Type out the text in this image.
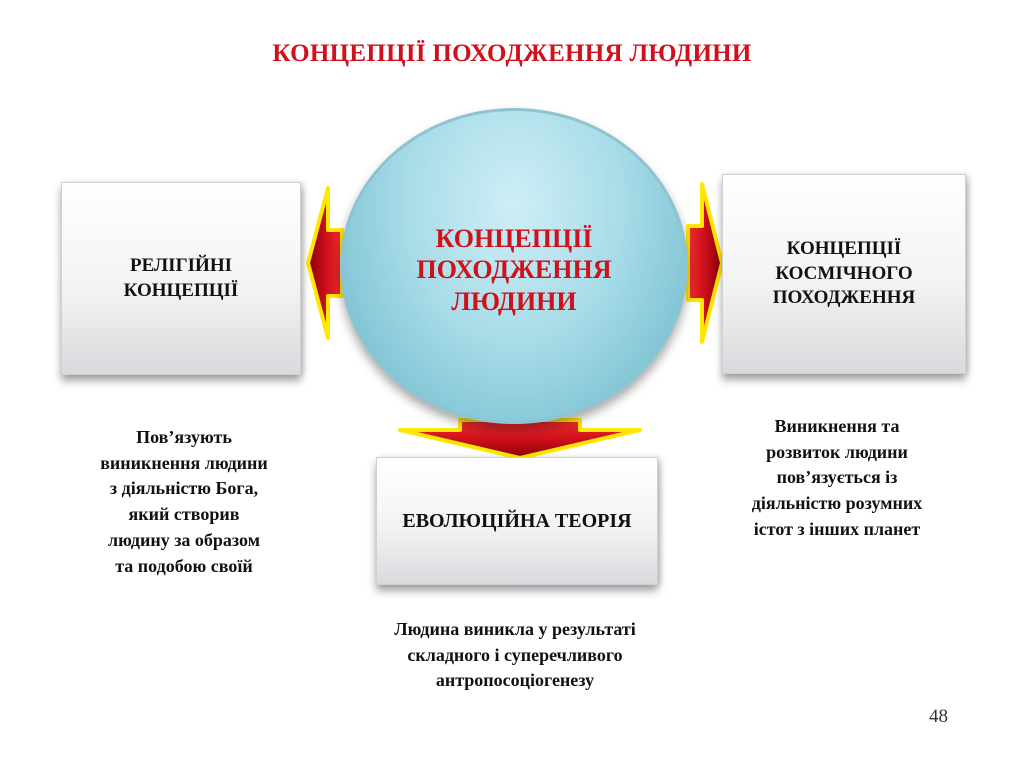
КОНЦЕПЦІЇ ПОХОДЖЕННЯ ЛЮДИНИ
КОНЦЕПЦІЇ
ПОХОДЖЕННЯ
ЛЮДИНИ
РЕЛІГІЙНІ
КОНЦЕПЦІЇ
КОНЦЕПЦІЇ
КОСМІЧНОГО
ПОХОДЖЕННЯ
ЕВОЛЮЦІЙНА ТЕОРІЯ
Пов’язують
виникнення людини
з діяльністю Бога,
який створив
людину за образом
та подобою своїй
Виникнення та
розвиток людини
пов’язується із
діяльністю розумних
істот з інших планет
Людина виникла у результаті
складного і суперечливого
антропосоціогенезу
48
